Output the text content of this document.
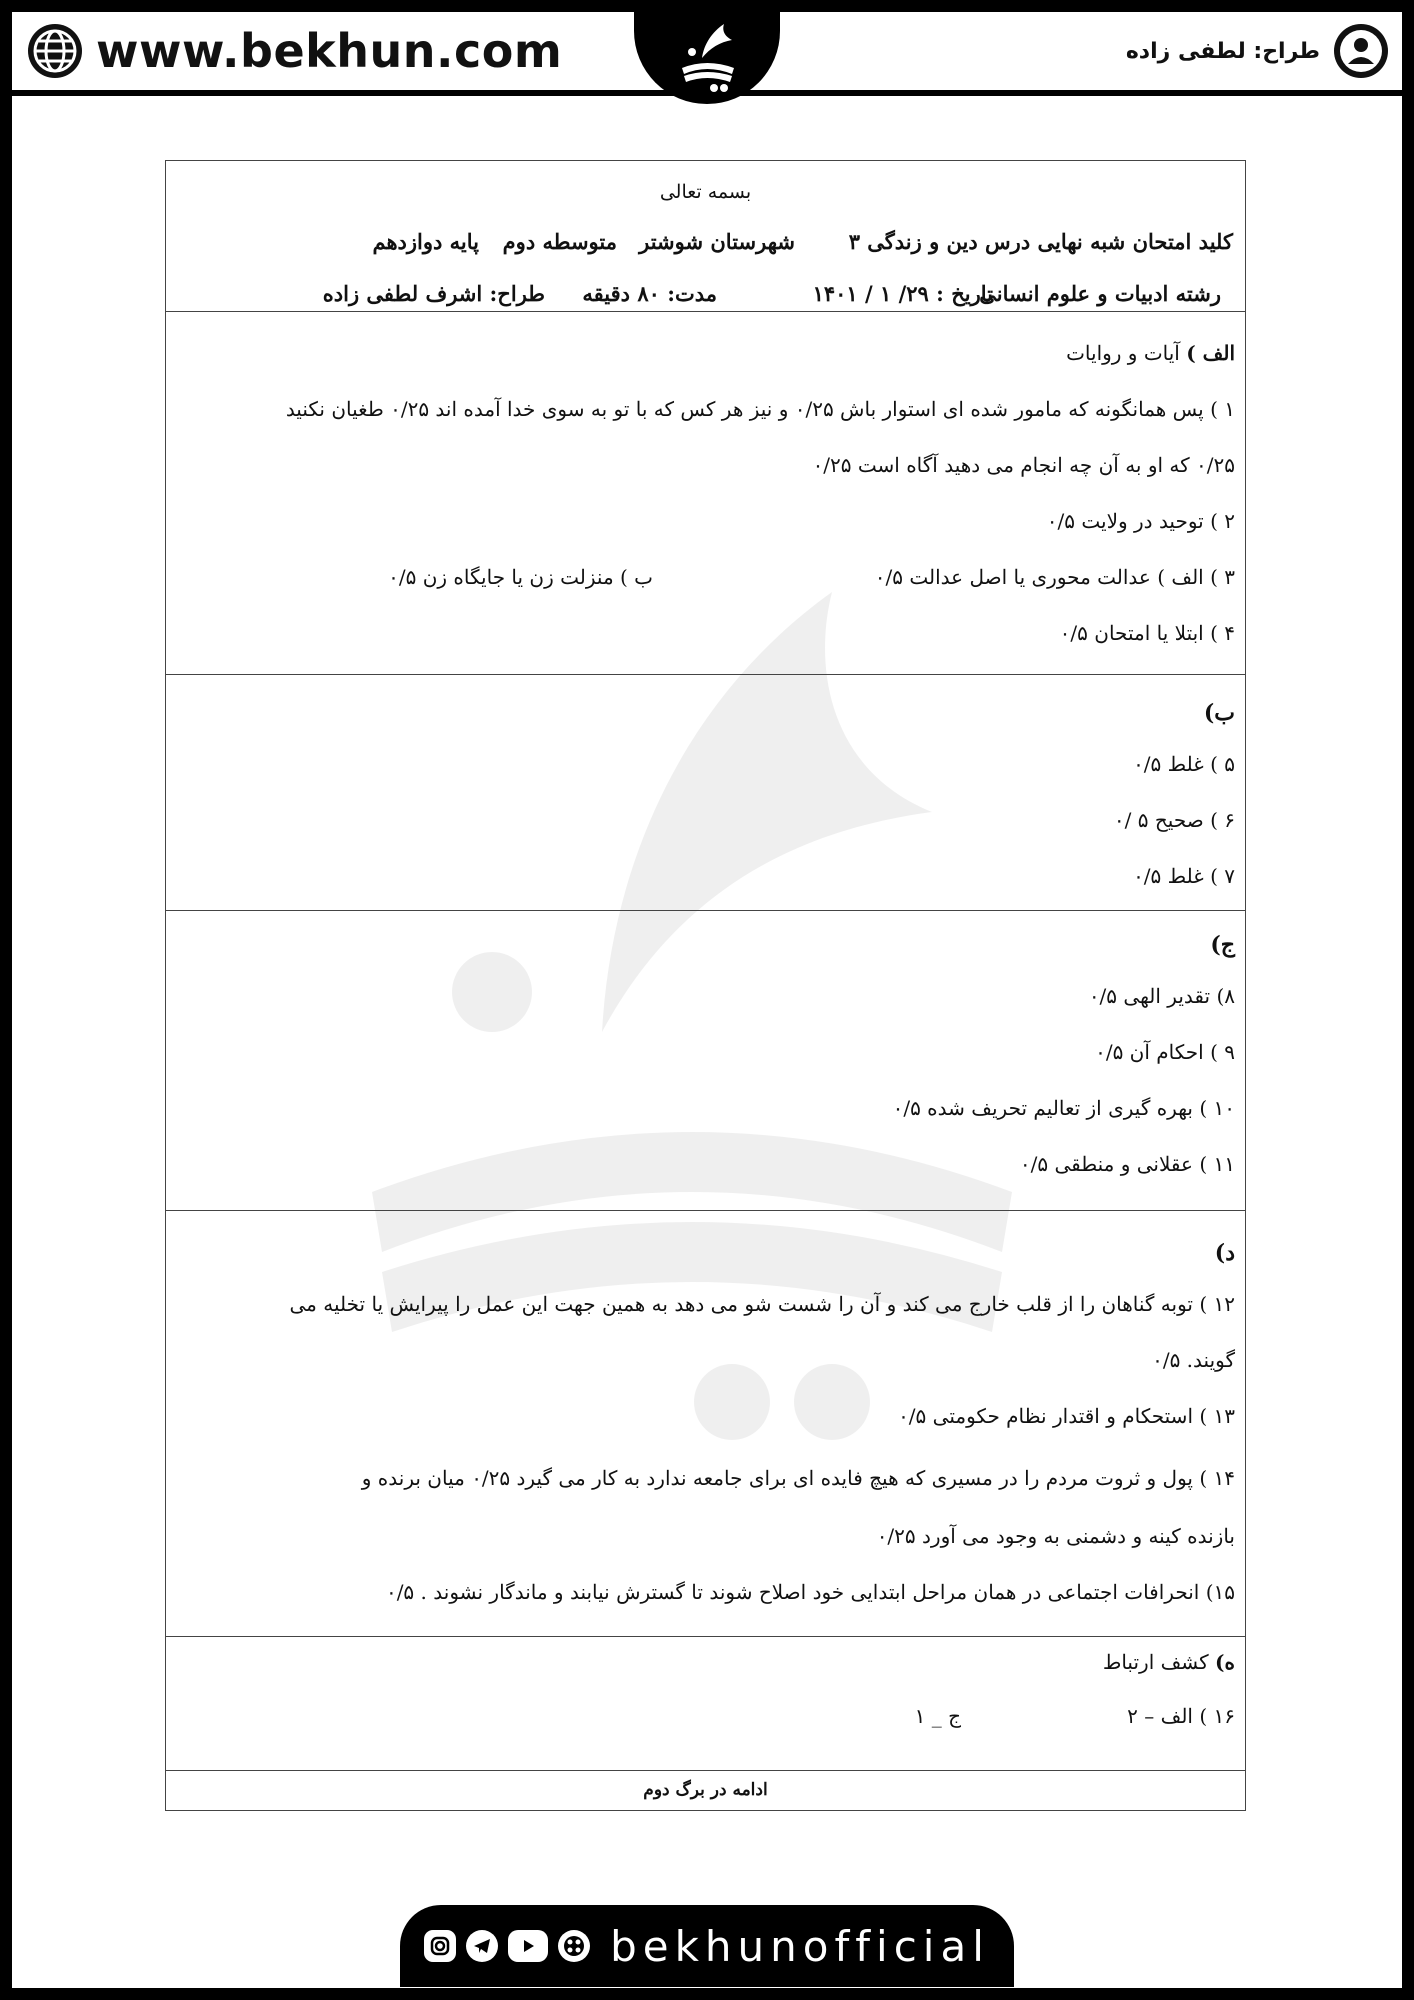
www.bekhun.com	طراح: لطفی زاده
بسمه تعالی
کلید امتحان شبه نهایی درس دین و زندگی ۳
شهرستان شوشتر
متوسطه دوم
پایه دوازدهم
رشته ادبیات و علوم انسانی
تاریخ : ۲۹/ ۱ / ۱۴۰۱
مدت: ۸۰ دقیقه
طراح: اشرف لطفی زاده
الف ) آیات و روایات
۱ ) پس همانگونه که مامور شده ای استوار باش ۰/۲۵ و نیز هر کس که با تو به سوی خدا آمده اند ۰/۲۵ طغیان نکنید
۰/۲۵ که او به آن چه انجام می دهید آگاه است ۰/۲۵
۲ ) توحید در ولایت ۰/۵
۳ ) الف ) عدالت محوری یا اصل عدالت ۰/۵
ب ) منزلت زن یا جایگاه زن ۰/۵
۴ ) ابتلا یا امتحان ۰/۵
ب)
۵ ) غلط ۰/۵
۶ ) صحیح ۵ /۰
۷ ) غلط ۰/۵
ج)
۸) تقدیر الهی ۰/۵
۹ ) احکام آن ۰/۵
۱۰ ) بهره گیری از تعالیم تحریف شده ۰/۵
۱۱ ) عقلانی و منطقی ۰/۵
د)
۱۲ ) توبه گناهان را از قلب خارج می کند و آن را شست شو می دهد به همین جهت این عمل را پیرایش یا تخلیه می
گویند. ۰/۵
۱۳ ) استحکام و اقتدار نظام حکومتی ۰/۵
۱۴ ) پول و ثروت مردم را در مسیری که هیچ فایده ای برای جامعه ندارد به کار می گیرد ۰/۲۵ میان برنده و
بازنده کینه و دشمنی به وجود می آورد ۰/۲۵
۱۵) انحرافات اجتماعی در همان مراحل ابتدایی خود اصلاح شوند تا گسترش نیابند و ماندگار نشوند . ۰/۵
ه) کشف ارتباط
۱۶ ) الف – ۲
ج _ ۱
ادامه در برگ دوم
bekhunofficial
